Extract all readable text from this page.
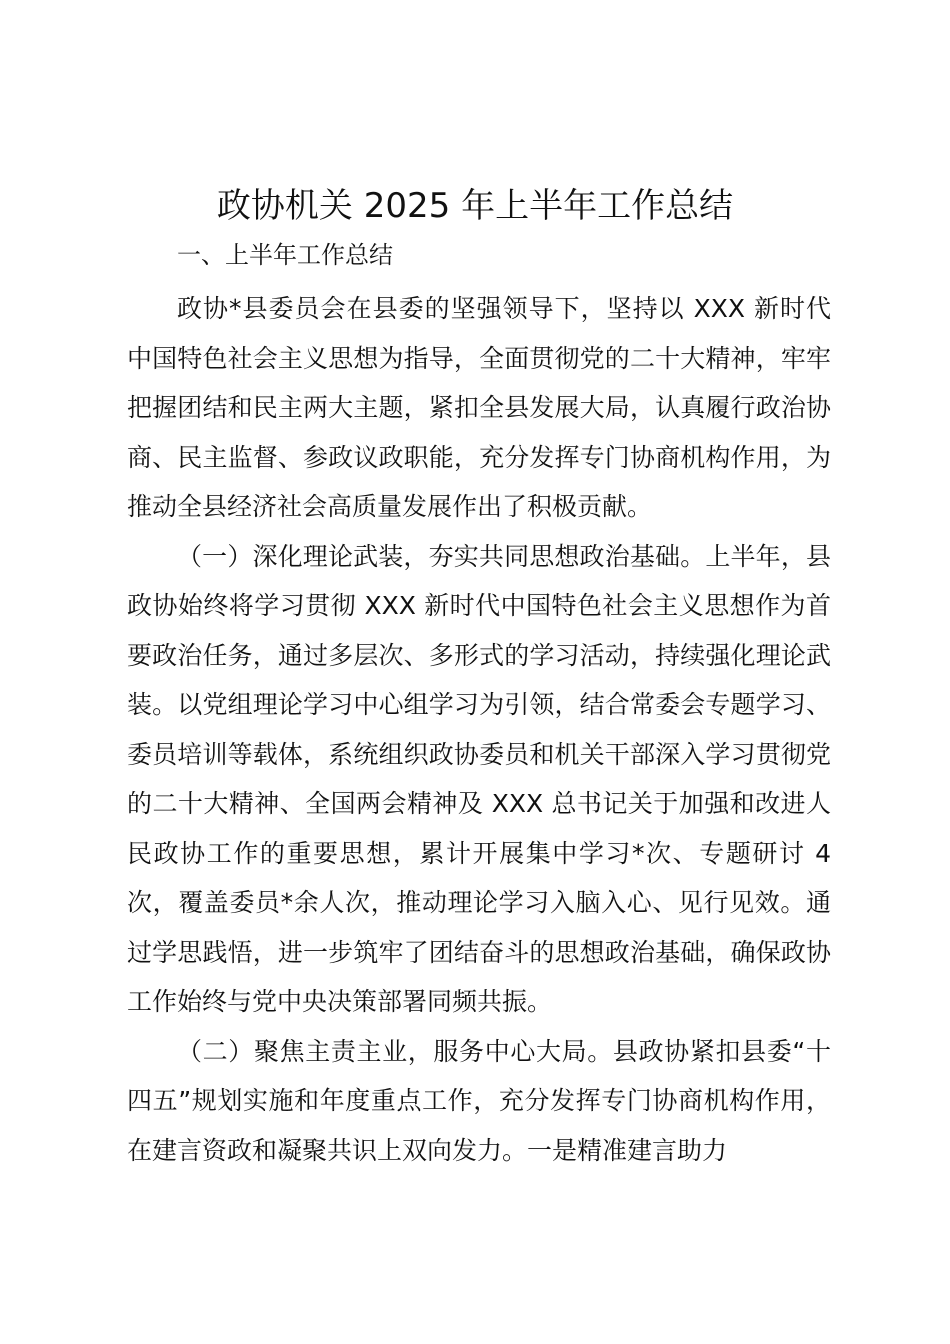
政协机关 2025 年上半年工作总结

一、上半年工作总结

政协*县委员会在县委的坚强领导下，坚持以 XXX 新时代中国特色社会主义思想为指导，全面贯彻党的二十大精神，牢牢把握团结和民主两大主题，紧扣全县发展大局，认真履行政治协商、民主监督、参政议政职能，充分发挥专门协商机构作用，为推动全县经济社会高质量发展作出了积极贡献。

（一）深化理论武装，夯实共同思想政治基础。上半年，县政协始终将学习贯彻 XXX 新时代中国特色社会主义思想作为首要政治任务，通过多层次、多形式的学习活动，持续强化理论武装。以党组理论学习中心组学习为引领，结合常委会专题学习、委员培训等载体，系统组织政协委员和机关干部深入学习贯彻党的二十大精神、全国两会精神及 XXX 总书记关于加强和改进人民政协工作的重要思想，累计开展集中学习*次、专题研讨 4 次，覆盖委员*余人次，推动理论学习入脑入心、见行见效。通过学思践悟，进一步筑牢了团结奋斗的思想政治基础，确保政协工作始终与党中央决策部署同频共振。

（二）聚焦主责主业，服务中心大局。县政协紧扣县委“十四五”规划实施和年度重点工作，充分发挥专门协商机构作用，在建言资政和凝聚共识上双向发力。一是精准建言助力
